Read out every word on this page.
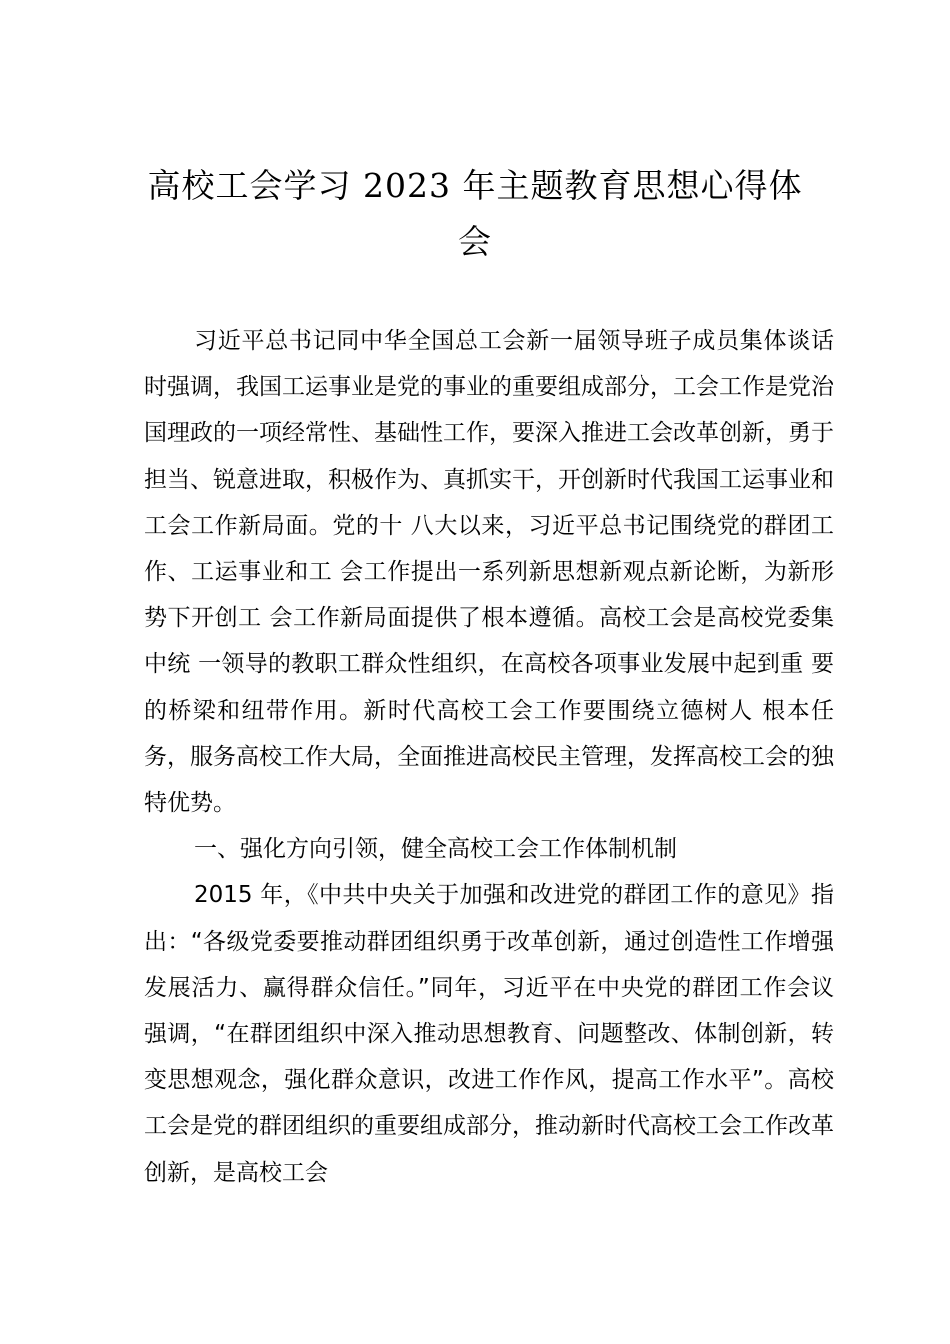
高校工会学习 2023 年主题教育思想心得体会

习近平总书记同中华全国总工会新一届领导班子成员集体谈话时强调，我国工运事业是党的事业的重要组成部分，工会工作是党治国理政的一项经常性、基础性工作，要深入推进工会改革创新，勇于担当、锐意进取，积极作为、真抓实干，开创新时代我国工运事业和工会工作新局面。党的十 八大以来，习近平总书记围绕党的群团工作、工运事业和工 会工作提出一系列新思想新观点新论断，为新形势下开创工 会工作新局面提供了根本遵循。高校工会是高校党委集中统 一领导的教职工群众性组织，在高校各项事业发展中起到重 要的桥梁和纽带作用。新时代高校工会工作要围绕立德树人 根本任务，服务高校工作大局，全面推进高校民主管理，发挥高校工会的独特优势。

一、强化方向引领，健全高校工会工作体制机制

2015 年，《中共中央关于加强和改进党的群团工作的意见》指出：“各级党委要推动群团组织勇于改革创新，通过创造性工作增强发展活力、赢得群众信任。”同年，习近平在中央党的群团工作会议强调，“在群团组织中深入推动思想教育、问题整改、体制创新，转变思想观念，强化群众意识，改进工作作风，提高工作水平”。高校工会是党的群团组织的重要组成部分，推动新时代高校工会工作改革创新，是高校工会
